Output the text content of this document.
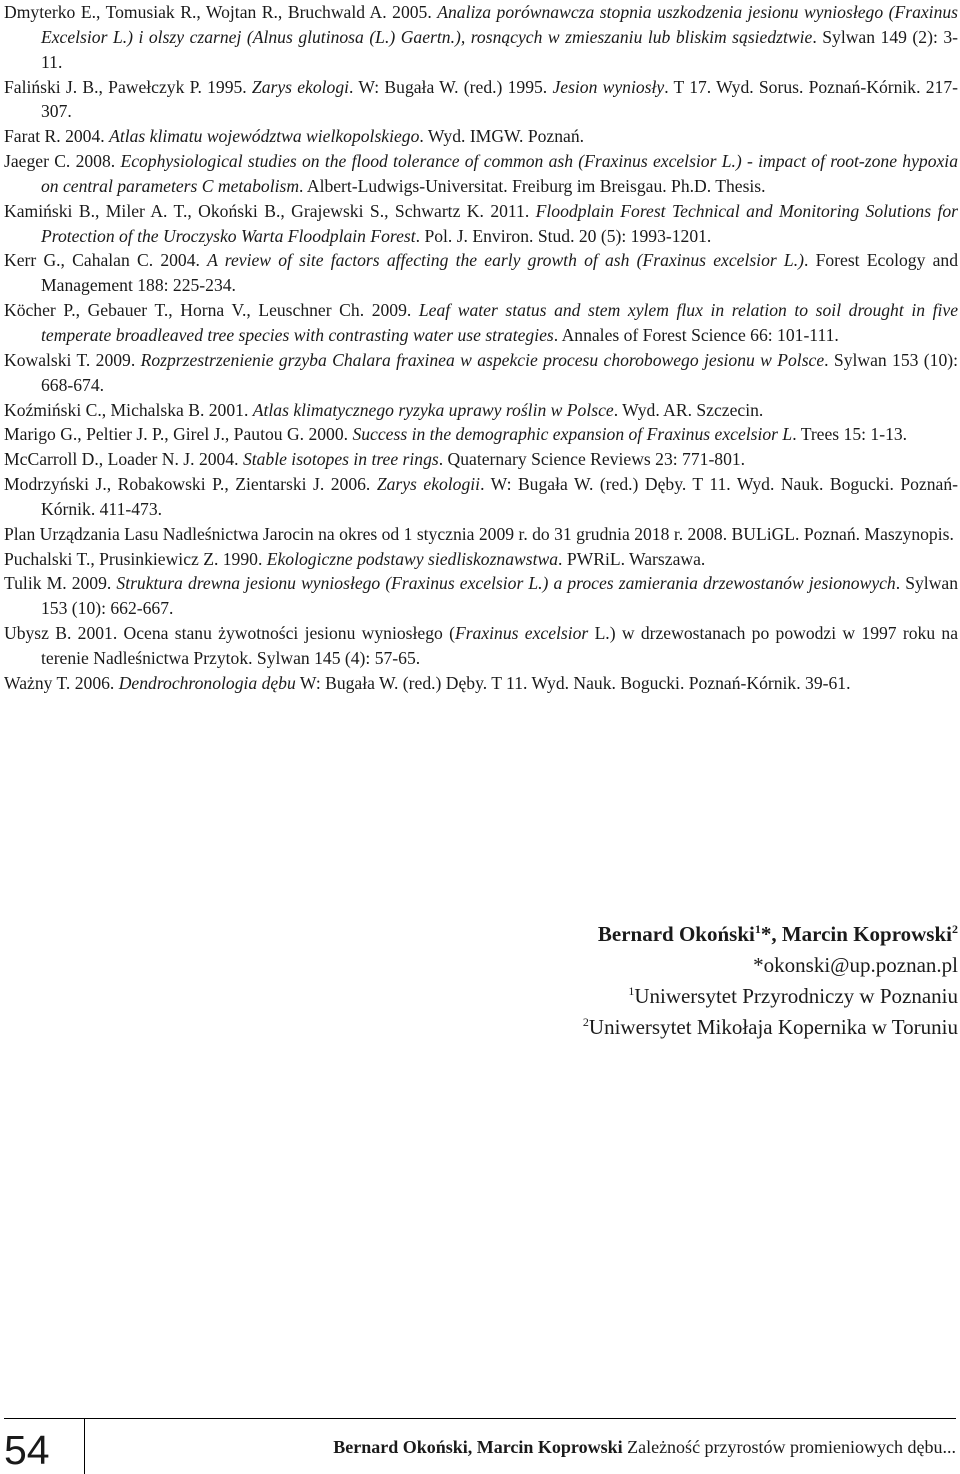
Dmyterko E., Tomusiak R., Wojtan R., Bruchwald A. 2005. Analiza porównawcza stopnia uszkodzenia jesionu wyniosłego (Fraxinus Excelsior L.) i olszy czarnej (Alnus glutinosa (L.) Gaertn.), rosnących w zmieszaniu lub bliskim sąsiedztwie. Sylwan 149 (2): 3-11.

Faliński J. B., Pawełczyk P. 1995. Zarys ekologi. W: Bugała W. (red.) 1995. Jesion wyniosły. T 17. Wyd. Sorus. Poznań-Kórnik. 217-307.

Farat R. 2004. Atlas klimatu województwa wielkopolskiego. Wyd. IMGW. Poznań.

Jaeger C. 2008. Ecophysiological studies on the flood tolerance of common ash (Fraxinus excelsior L.) - impact of root-zone hypoxia on central parameters C metabolism. Albert-Ludwigs-Universitat. Freiburg im Breisgau. Ph.D. Thesis.

Kamiński B., Miler A. T., Okoński B., Grajewski S., Schwartz K. 2011. Floodplain Forest Technical and Monitoring Solutions for Protection of the Uroczysko Warta Floodplain Forest. Pol. J. Environ. Stud. 20 (5): 1993-1201.

Kerr G., Cahalan C. 2004. A review of site factors affecting the early growth of ash (Fraxinus excelsior L.). Forest Ecology and Management 188: 225-234.

Köcher P., Gebauer T., Horna V., Leuschner Ch. 2009. Leaf water status and stem xylem flux in relation to soil drought in five temperate broadleaved tree species with contrasting water use strategies. Annales of Forest Science 66: 101-111.

Kowalski T. 2009. Rozprzestrzenienie grzyba Chalara fraxinea w aspekcie procesu chorobowego jesionu w Polsce. Sylwan 153 (10): 668-674.

Koźmiński C., Michalska B. 2001. Atlas klimatycznego ryzyka uprawy roślin w Polsce. Wyd. AR. Szczecin.

Marigo G., Peltier J. P., Girel J., Pautou G. 2000. Success in the demographic expansion of Fraxinus excelsior L. Trees 15: 1-13.

McCarroll D., Loader N. J. 2004. Stable isotopes in tree rings. Quaternary Science Reviews 23: 771-801.

Modrzyński J., Robakowski P., Zientarski J. 2006. Zarys ekologii. W: Bugała W. (red.) Dęby. T 11. Wyd. Nauk. Bogucki. Poznań-Kórnik. 411-473.

Plan Urządzania Lasu Nadleśnictwa Jarocin na okres od 1 stycznia 2009 r. do 31 grudnia 2018 r. 2008. BULiGL. Poznań. Maszynopis.

Puchalski T., Prusinkiewicz Z. 1990. Ekologiczne podstawy siedliskoznawstwa. PWRiL. Warszawa.

Tulik M. 2009. Struktura drewna jesionu wyniosłego (Fraxinus excelsior L.) a proces zamierania drzewostanów jesionowych. Sylwan 153 (10): 662-667.

Ubysz B. 2001. Ocena stanu żywotności jesionu wyniosłego (Fraxinus excelsior L.) w drzewostanach po powodzi w 1997 roku na terenie Nadleśnictwa Przytok. Sylwan 145 (4): 57-65.

Ważny T. 2006. Dendrochronologia dębu W: Bugała W. (red.) Dęby. T 11. Wyd. Nauk. Bogucki. Poznań-Kórnik. 39-61.

Bernard Okoński$^1$*, Marcin Koprowski$^2$
*okonski@up.poznan.pl
$^1$Uniwersytet Przyrodniczy w Poznaniu
$^2$Uniwersytet Mikołaja Kopernika w Toruniu
54	Bernard Okoński, Marcin Koprowski Zależność przyrostów promieniowych dębu...
